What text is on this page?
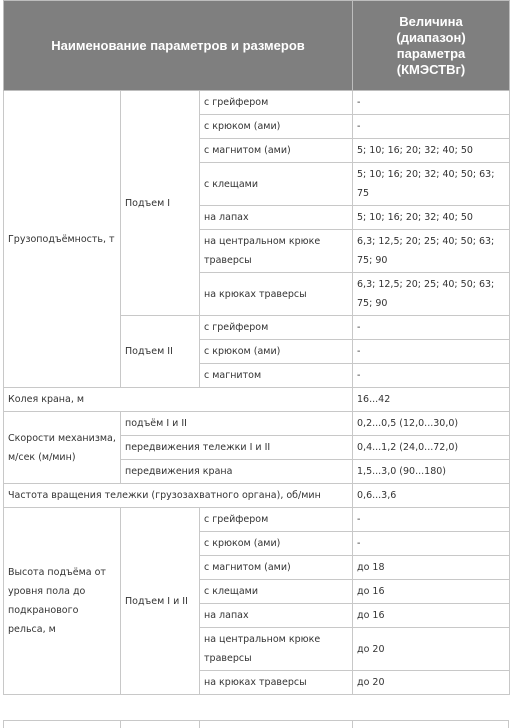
Наименование параметров и размеров			Величина (диапазон) параметра (КМЭСТВг)
Грузоподъёмность, т	Подъем I	с грейфером	-
		с крюком (ами)	-
		с магнитом (ами)	5; 10; 16; 20; 32; 40; 50
		с клещами	5; 10; 16; 20; 32; 40; 50; 63; 75
		на лапах	5; 10; 16; 20; 32; 40; 50
		на центральном крюке траверсы	6,3; 12,5; 20; 25; 40; 50; 63; 75; 90
		на крюках траверсы	6,3; 12,5; 20; 25; 40; 50; 63; 75; 90
	Подъем II	с грейфером	-
		с крюком (ами)	-
		с магнитом	-
Колея крана, м			16...42
Скорости механизма, м/сек (м/мин)	подъём I и II		0,2...0,5 (12,0...30,0)
	передвижения тележки I и II		0,4...1,2 (24,0...72,0)
	передвижения крана		1,5...3,0 (90...180)
Частота вращения тележки (грузозахватного органа), об/мин			0,6...3,6
Высота подъёма от уровня пола до подкранового рельса, м	Подъем I и II	с грейфером	-
		с крюком (ами)	-
		с магнитом (ами)	до 18
		с клещами	до 16
		на лапах	до 16
		на центральном крюке траверсы	до 20
		на крюках траверсы	до 20
